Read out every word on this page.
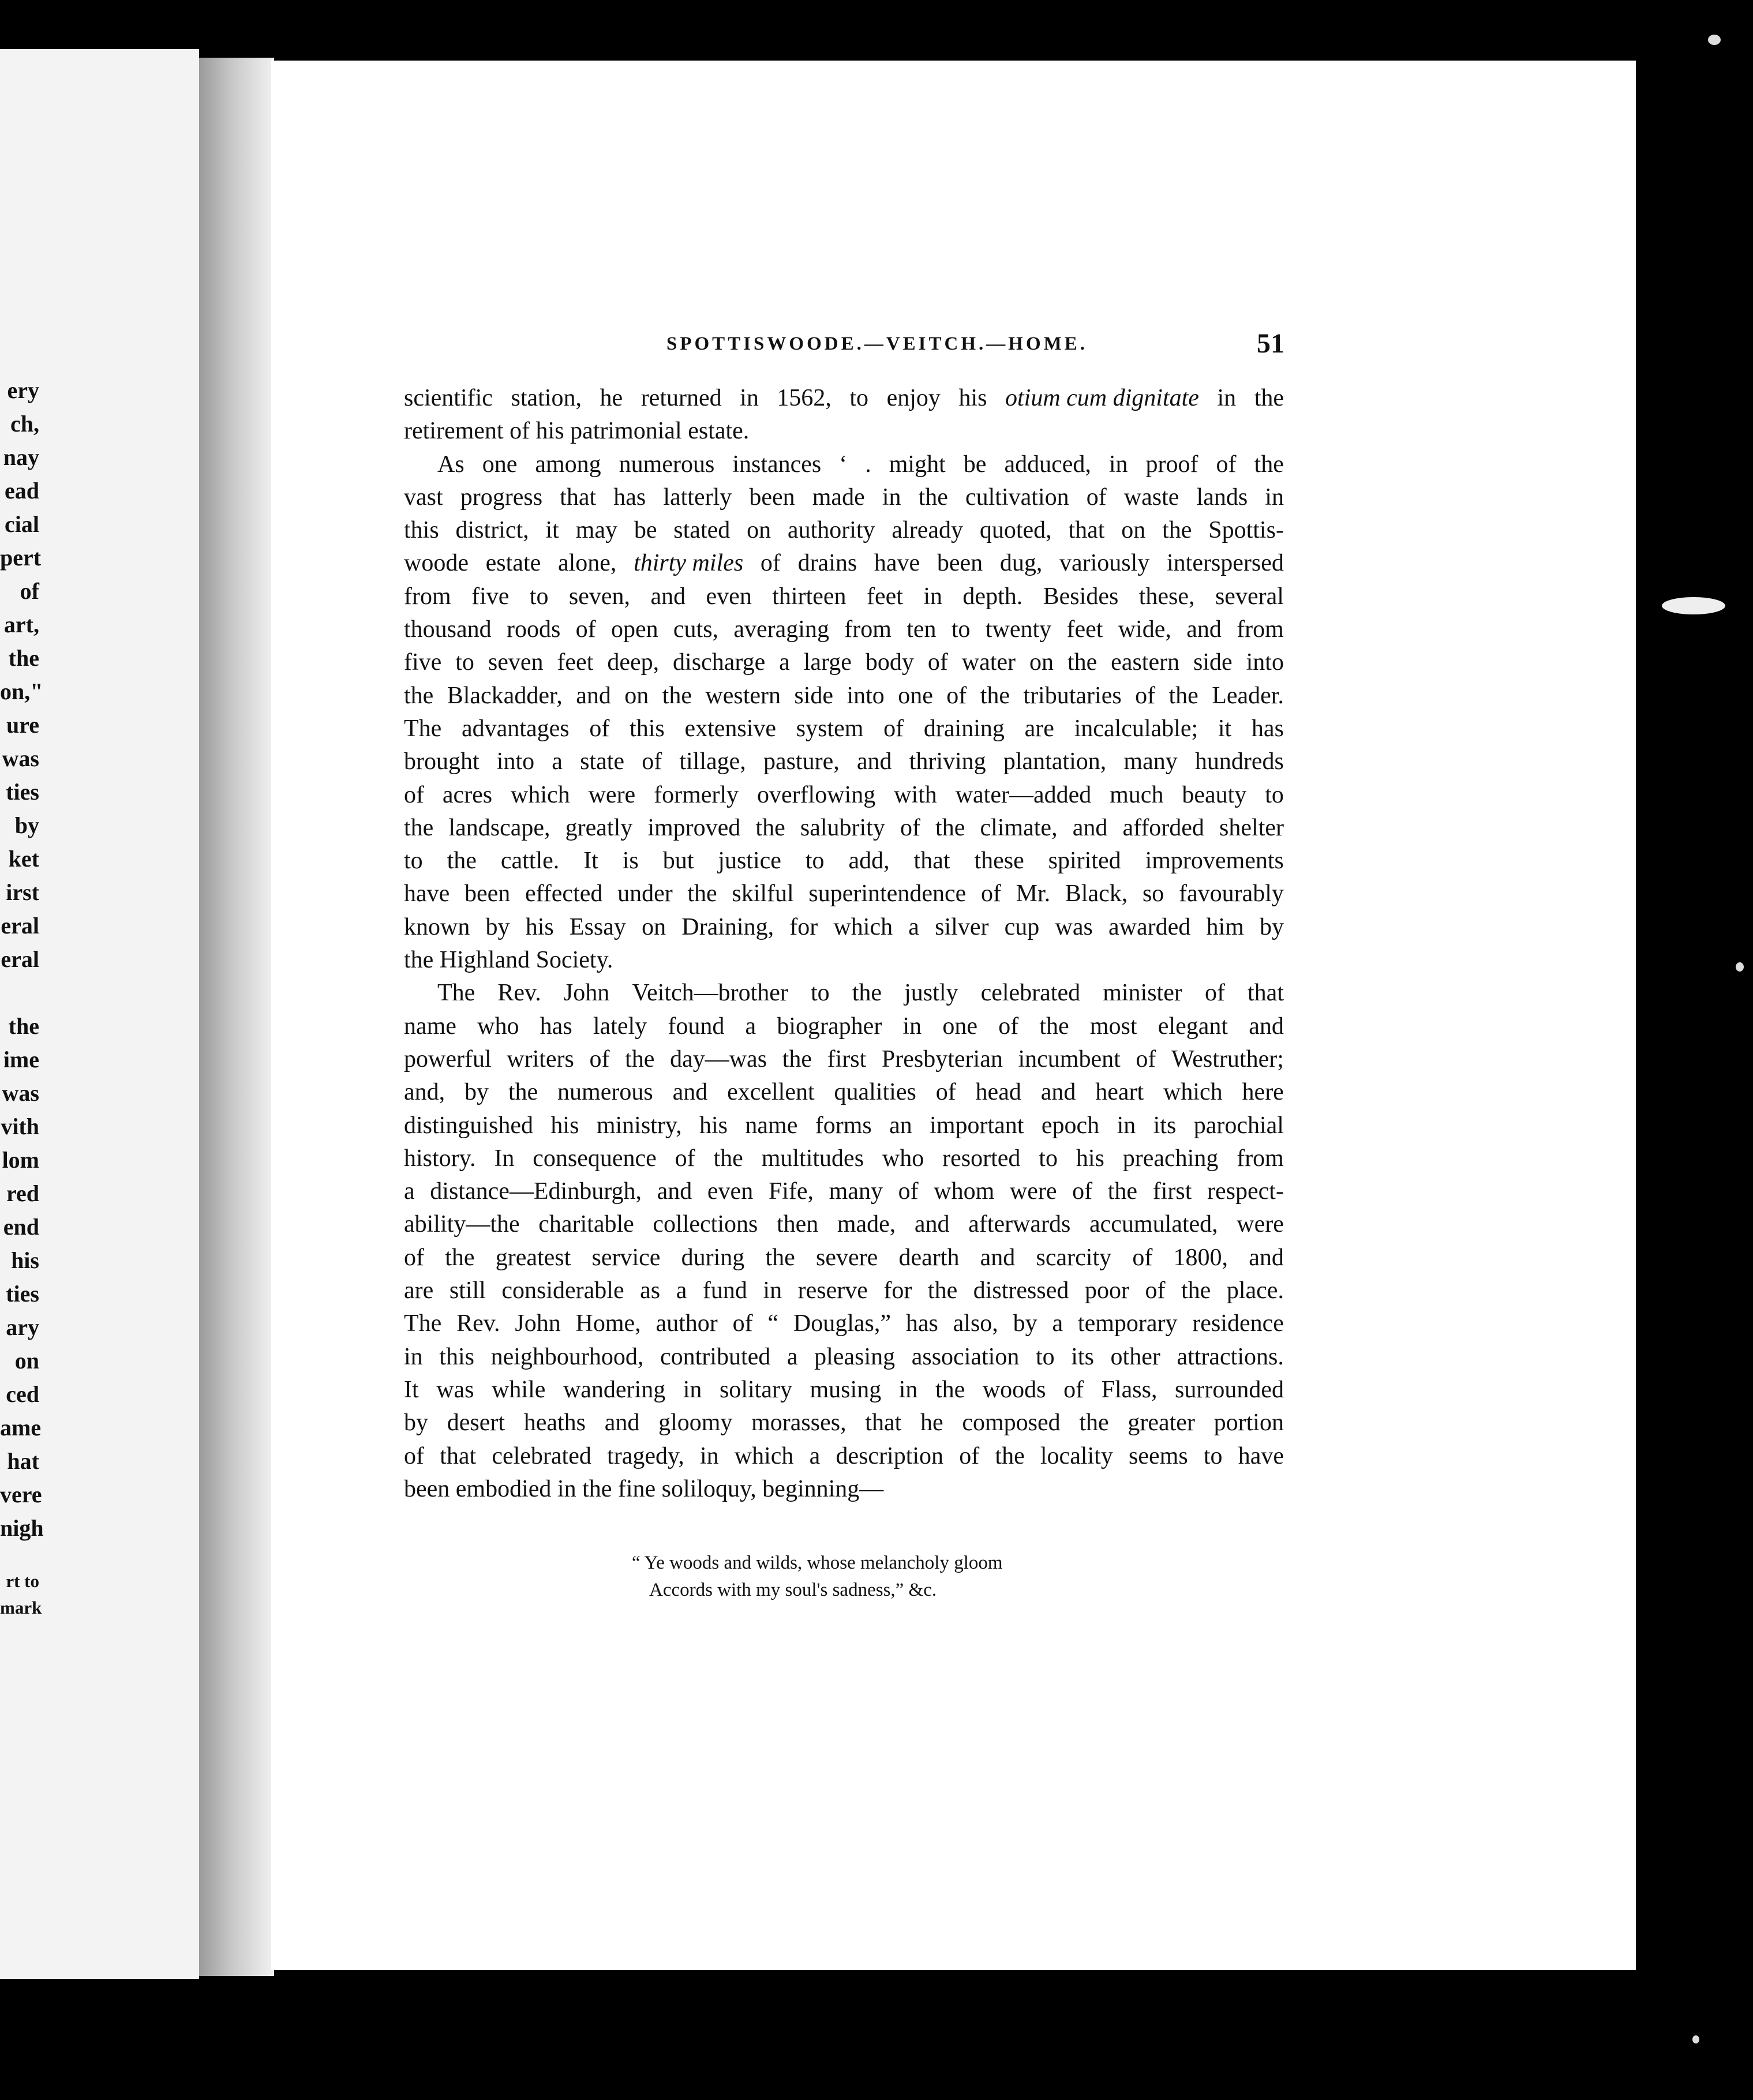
ery
ch,
nay
ead
cial
pert
of
art,
the
on,"
ure
was
ties
by
ket
irst
eral
eral
the
ime
was
vith
lom
red
end
his
ties
ary
on
ced
ame
hat
vere
nigh
rt to
mark
SPOTTISWOODE.—VEITCH.—HOME.	51
scientific station, he returned in 1562, to enjoy his otium cum dignitate in the
retirement of his patrimonial estate.
As one among numerous instances ‘ . might be adduced, in proof of the
vast progress that has latterly been made in the cultivation of waste lands in
this district, it may be stated on authority already quoted, that on the Spottis-
woode estate alone, thirty miles of drains have been dug, variously interspersed
from five to seven, and even thirteen feet in depth. Besides these, several
thousand roods of open cuts, averaging from ten to twenty feet wide, and from
five to seven feet deep, discharge a large body of water on the eastern side into
the Blackadder, and on the western side into one of the tributaries of the Leader.
The advantages of this extensive system of draining are incalculable; it has
brought into a state of tillage, pasture, and thriving plantation, many hundreds
of acres which were formerly overflowing with water—added much beauty to
the landscape, greatly improved the salubrity of the climate, and afforded shelter
to the cattle. It is but justice to add, that these spirited improvements
have been effected under the skilful superintendence of Mr. Black, so favourably
known by his Essay on Draining, for which a silver cup was awarded him by
the Highland Society.
The Rev. John Veitch—brother to the justly celebrated minister of that
name who has lately found a biographer in one of the most elegant and
powerful writers of the day—was the first Presbyterian incumbent of Westruther;
and, by the numerous and excellent qualities of head and heart which here
distinguished his ministry, his name forms an important epoch in its parochial
history. In consequence of the multitudes who resorted to his preaching from
a distance—Edinburgh, and even Fife, many of whom were of the first respect-
ability—the charitable collections then made, and afterwards accumulated, were
of the greatest service during the severe dearth and scarcity of 1800, and
are still considerable as a fund in reserve for the distressed poor of the place.
The Rev. John Home, author of “ Douglas,” has also, by a temporary residence
in this neighbourhood, contributed a pleasing association to its other attractions.
It was while wandering in solitary musing in the woods of Flass, surrounded
by desert heaths and gloomy morasses, that he composed the greater portion
of that celebrated tragedy, in which a description of the locality seems to have
been embodied in the fine soliloquy, beginning—
“ Ye woods and wilds, whose melancholy gloom
Accords with my soul's sadness,” &c.
